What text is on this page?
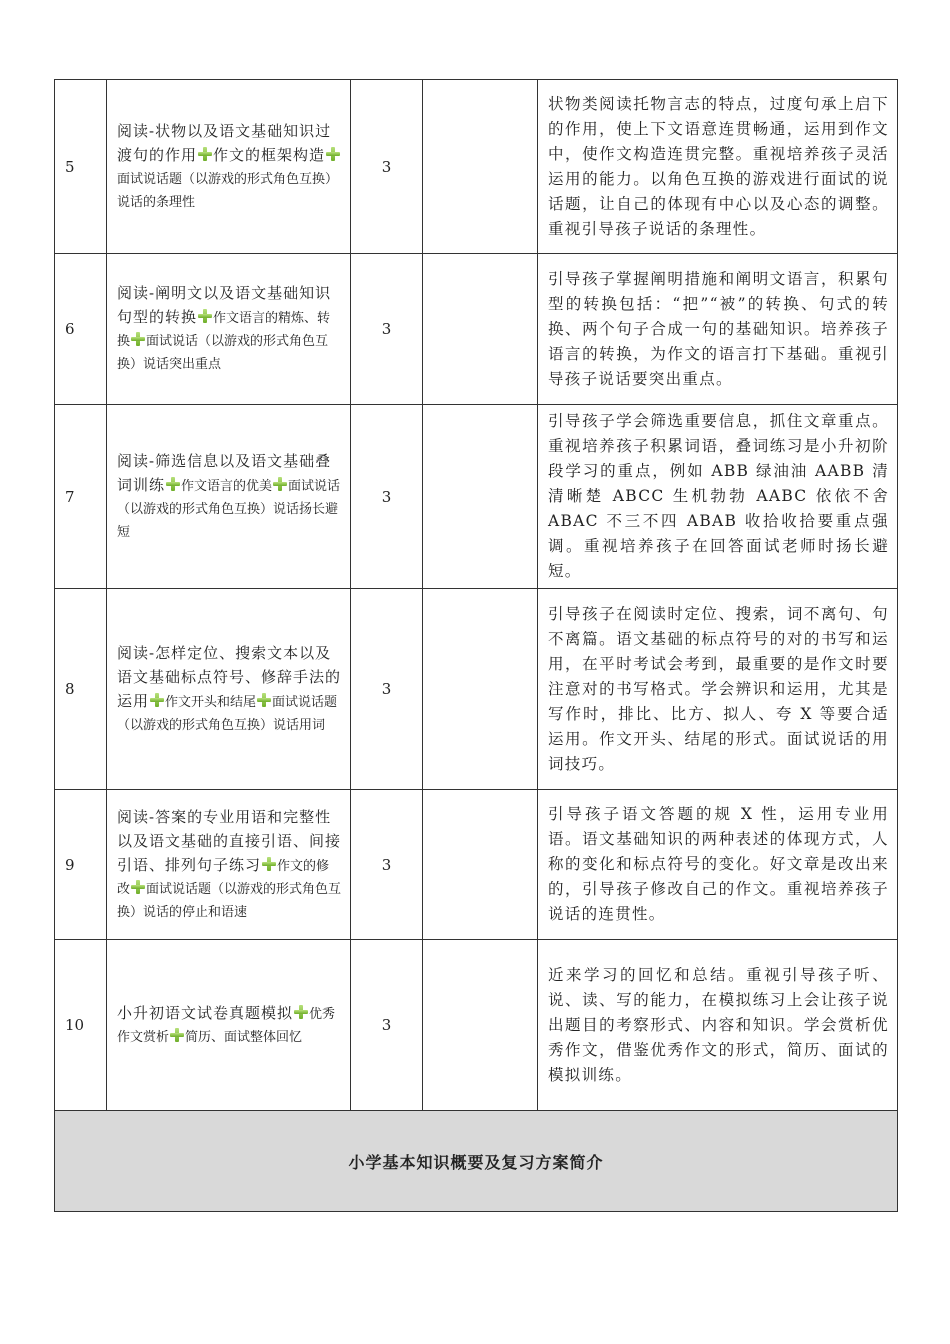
5	阅读-状物以及语文基础知识过渡句的作用 作文的框架构造面试说话题（以游戏的形式角色互换）说话的条理性	3		状物类阅读托物言志的特点，过度句承上启下的作用，使上下文语意连贯畅通，运用到作文中，使作文构造连贯完整。重视培养孩子灵活运用的能力。以角色互换的游戏进行面试的说话题，让自己的体现有中心以及心态的调整。重视引导孩子说话的条理性。
6	阅读-阐明文以及语文基础知识句型的转换 作文语言的精炼、转换 面试说话（以游戏的形式角色互换）说话突出重点	3		引导孩子掌握阐明措施和阐明文语言，积累句型的转换包括：“把”“被”的转换、句式的转换、两个句子合成一句的基础知识。培养孩子语言的转换，为作文的语言打下基础。重视引导孩子说话要突出重点。
7	阅读-筛选信息以及语文基础叠词训练 作文语言的优美 面试说话（以游戏的形式角色互换）说话扬长避短	3		引导孩子学会筛选重要信息，抓住文章重点。重视培养孩子积累词语，叠词练习是小升初阶段学习的重点，例如 ABB 绿油油 AABB 清清晰楚 ABCC 生机勃勃 AABC 依依不舍 ABAC 不三不四 ABAB 收拾收拾要重点强调。重视培养孩子在回答面试老师时扬长避短。
8	阅读-怎样定位、搜索文本以及语文基础标点符号、修辞手法的运用 作文开头和结尾 面试说话题（以游戏的形式角色互换）说话用词	3		引导孩子在阅读时定位、搜索，词不离句、句不离篇。语文基础的标点符号的对的书写和运用，在平时考试会考到，最重要的是作文时要注意对的书写格式。学会辨识和运用，尤其是写作时，排比、比方、拟人、夸 X 等要合适运用。作文开头、结尾的形式。面试说话的用词技巧。
9	阅读-答案的专业用语和完整性 以及语文基础的直接引语、间接引语、排列句子练习 作文的修改 面试说话题（以游戏的形式角色互换）说话的停止和语速	3		引导孩子语文答题的规 X 性，运用专业用语。语文基础知识的两种表述的体现方式，人称的变化和标点符号的变化。好文章是改出来的，引导孩子修改自己的作文。重视培养孩子说话的连贯性。
10	小升初语文试卷真题模拟 优秀作文赏析 简历、面试整体回忆	3		近来学习的回忆和总结。重视引导孩子听、说、读、写的能力，在模拟练习上会让孩子说出题目的考察形式、内容和知识。学会赏析优秀作文，借鉴优秀作文的形式，简历、面试的模拟训练。
小学基本知识概要及复习方案简介				
